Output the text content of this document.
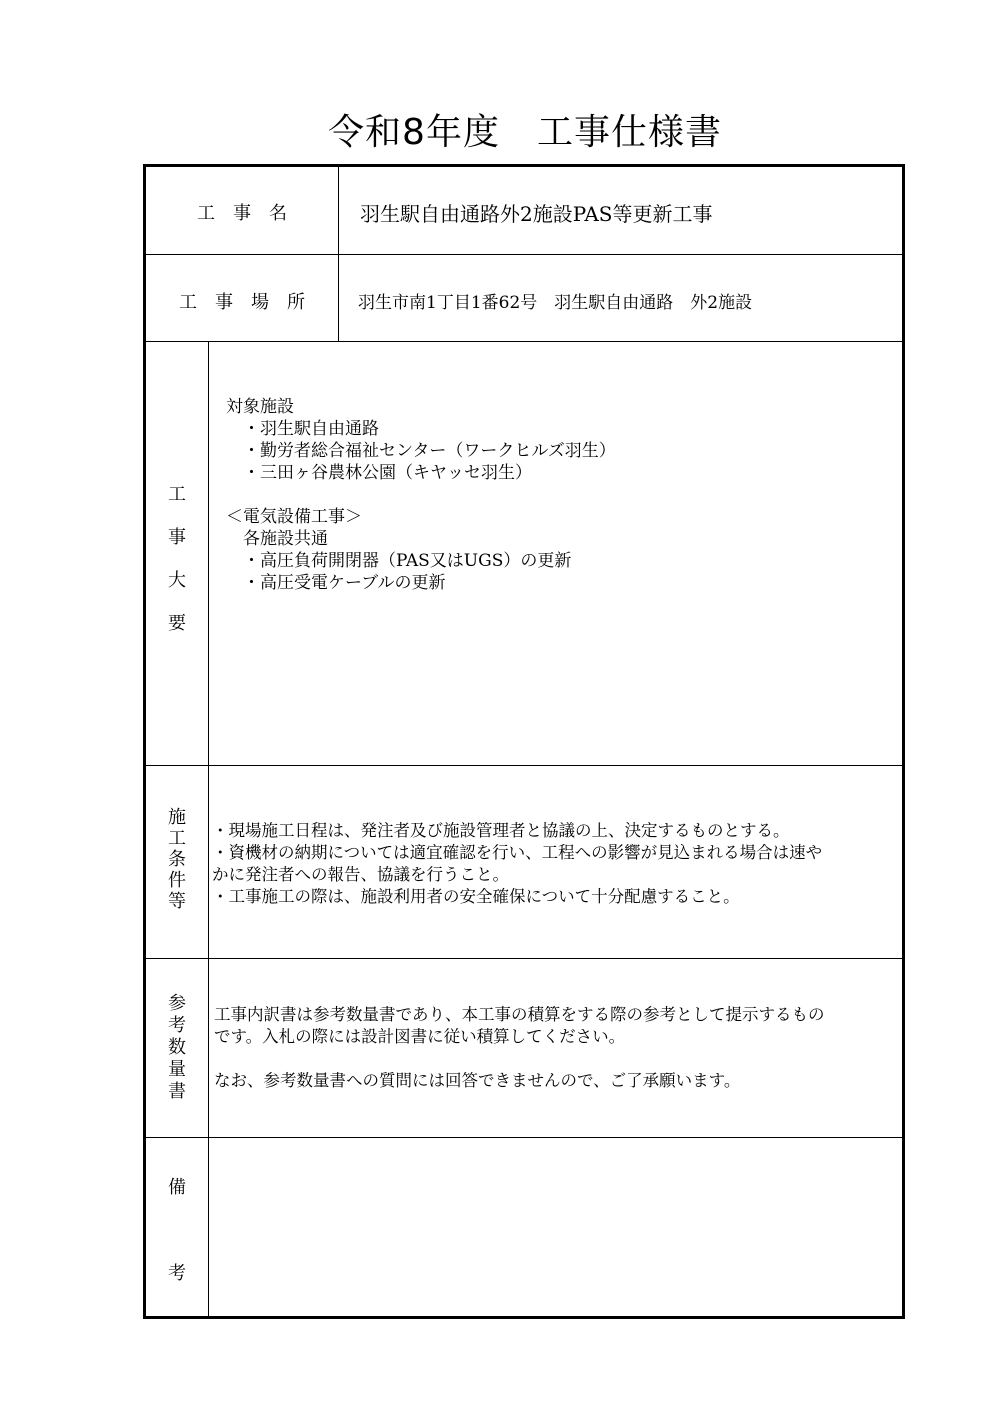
令和8年度　工事仕様書
工　事　名	羽生駅自由通路外2施設PAS等更新工事
工　事　場　所	羽生市南1丁目1番62号　羽生駅自由通路　外2施設
工
事
大
要
対象施設
　・羽生駅自由通路
　・勤労者総合福祉センター（ワークヒルズ羽生）
　・三田ヶ谷農林公園（キヤッセ羽生）
＜電気設備工事＞
　各施設共通
　・高圧負荷開閉器（PAS又はUGS）の更新
　・高圧受電ケーブルの更新
施
工
条
件
等
・現場施工日程は、発注者及び施設管理者と協議の上、決定するものとする。
・資機材の納期については適宜確認を行い、工程への影響が見込まれる場合は速や
かに発注者への報告、協議を行うこと。
・工事施工の際は、施設利用者の安全確保について十分配慮すること。
参
考
数
量
書
工事内訳書は参考数量書であり、本工事の積算をする際の参考として提示するもの
です。入札の際には設計図書に従い積算してください。
なお、参考数量書への質問には回答できませんので、ご了承願います。
備
考
